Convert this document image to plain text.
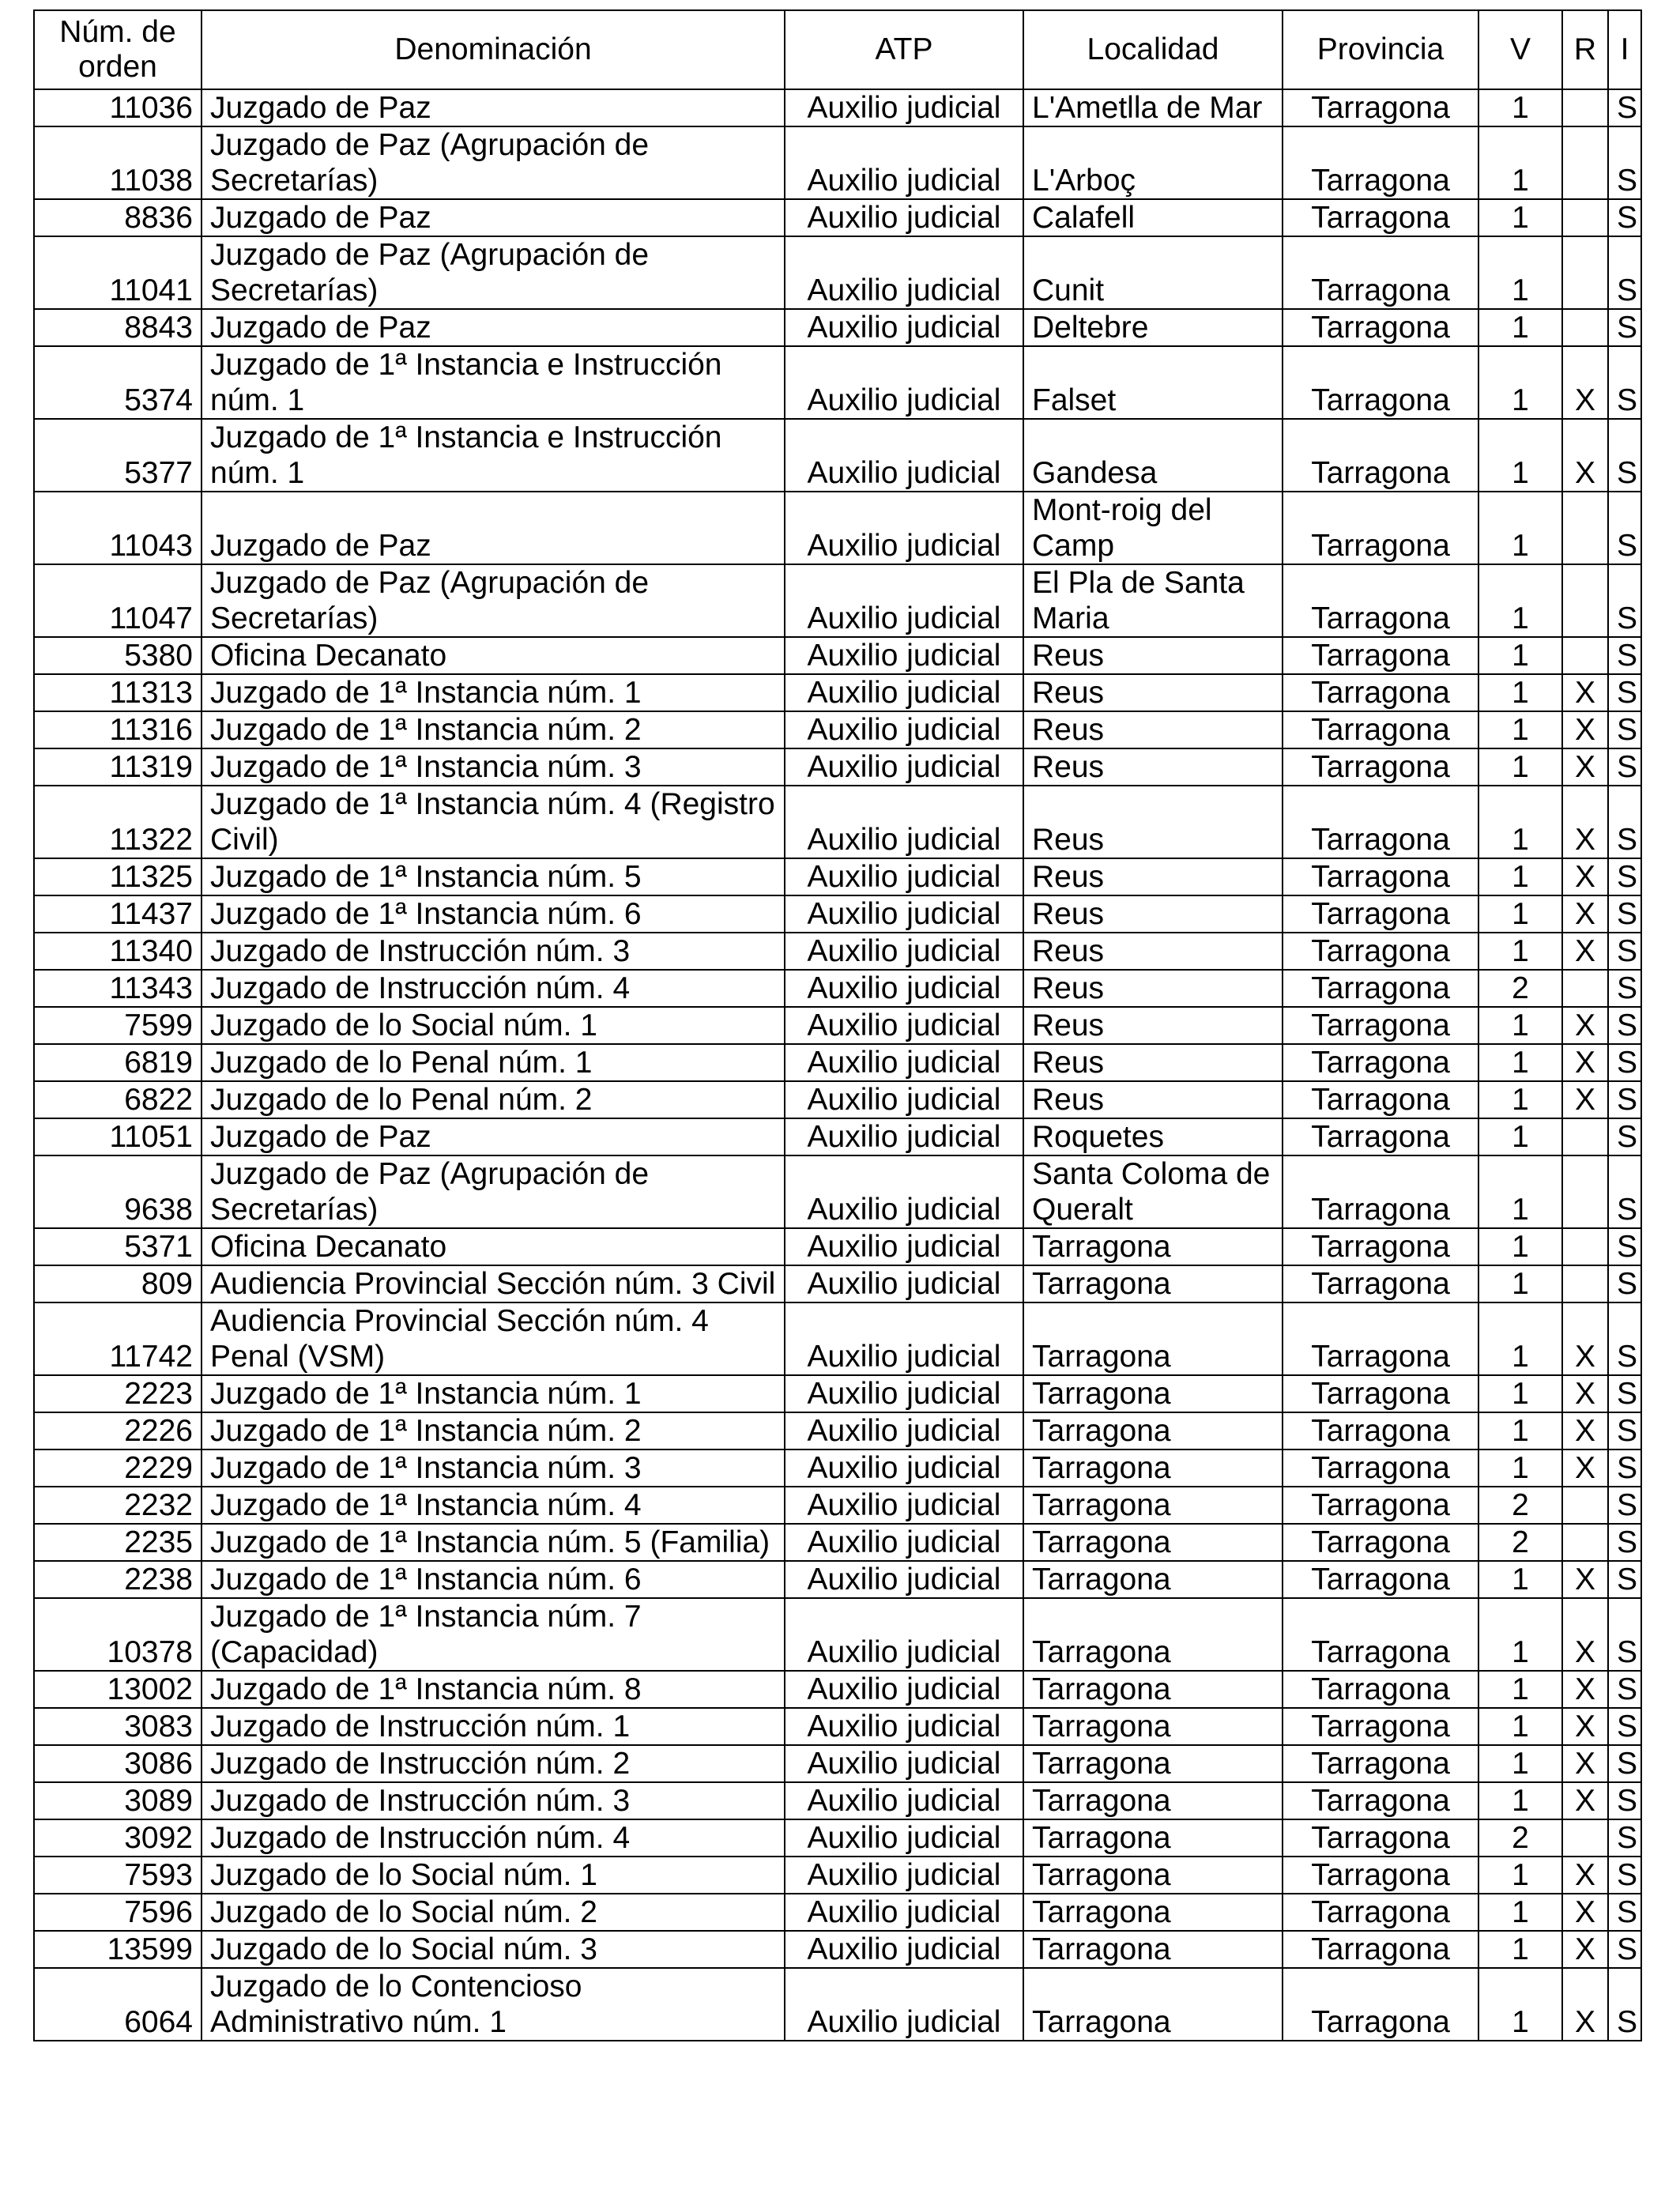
Núm. de orden	Denominación	ATP	Localidad	Provincia	V	R	I
11036	Juzgado de Paz	Auxilio judicial	L'Ametlla de Mar	Tarragona	1		S
11038	Juzgado de Paz (Agrupación de Secretarías)	Auxilio judicial	L'Arboç	Tarragona	1		S
8836	Juzgado de Paz	Auxilio judicial	Calafell	Tarragona	1		S
11041	Juzgado de Paz (Agrupación de Secretarías)	Auxilio judicial	Cunit	Tarragona	1		S
8843	Juzgado de Paz	Auxilio judicial	Deltebre	Tarragona	1		S
5374	Juzgado de 1ª Instancia e Instrucción núm. 1	Auxilio judicial	Falset	Tarragona	1	X	S
5377	Juzgado de 1ª Instancia e Instrucción núm. 1	Auxilio judicial	Gandesa	Tarragona	1	X	S
11043	Juzgado de Paz	Auxilio judicial	Mont-roig del Camp	Tarragona	1		S
11047	Juzgado de Paz (Agrupación de Secretarías)	Auxilio judicial	El Pla de Santa Maria	Tarragona	1		S
5380	Oficina Decanato	Auxilio judicial	Reus	Tarragona	1		S
11313	Juzgado de 1ª Instancia núm. 1	Auxilio judicial	Reus	Tarragona	1	X	S
11316	Juzgado de 1ª Instancia núm. 2	Auxilio judicial	Reus	Tarragona	1	X	S
11319	Juzgado de 1ª Instancia núm. 3	Auxilio judicial	Reus	Tarragona	1	X	S
11322	Juzgado de 1ª Instancia núm. 4 (Registro Civil)	Auxilio judicial	Reus	Tarragona	1	X	S
11325	Juzgado de 1ª Instancia núm. 5	Auxilio judicial	Reus	Tarragona	1	X	S
11437	Juzgado de 1ª Instancia núm. 6	Auxilio judicial	Reus	Tarragona	1	X	S
11340	Juzgado de Instrucción núm. 3	Auxilio judicial	Reus	Tarragona	1	X	S
11343	Juzgado de Instrucción núm. 4	Auxilio judicial	Reus	Tarragona	2		S
7599	Juzgado de lo Social núm. 1	Auxilio judicial	Reus	Tarragona	1	X	S
6819	Juzgado de lo Penal núm. 1	Auxilio judicial	Reus	Tarragona	1	X	S
6822	Juzgado de lo Penal núm. 2	Auxilio judicial	Reus	Tarragona	1	X	S
11051	Juzgado de Paz	Auxilio judicial	Roquetes	Tarragona	1		S
9638	Juzgado de Paz (Agrupación de Secretarías)	Auxilio judicial	Santa Coloma de Queralt	Tarragona	1		S
5371	Oficina Decanato	Auxilio judicial	Tarragona	Tarragona	1		S
809	Audiencia Provincial Sección núm. 3 Civil	Auxilio judicial	Tarragona	Tarragona	1		S
11742	Audiencia Provincial Sección núm. 4 Penal (VSM)	Auxilio judicial	Tarragona	Tarragona	1	X	S
2223	Juzgado de 1ª Instancia núm. 1	Auxilio judicial	Tarragona	Tarragona	1	X	S
2226	Juzgado de 1ª Instancia núm. 2	Auxilio judicial	Tarragona	Tarragona	1	X	S
2229	Juzgado de 1ª Instancia núm. 3	Auxilio judicial	Tarragona	Tarragona	1	X	S
2232	Juzgado de 1ª Instancia núm. 4	Auxilio judicial	Tarragona	Tarragona	2		S
2235	Juzgado de 1ª Instancia núm. 5 (Familia)	Auxilio judicial	Tarragona	Tarragona	2		S
2238	Juzgado de 1ª Instancia núm. 6	Auxilio judicial	Tarragona	Tarragona	1	X	S
10378	Juzgado de 1ª Instancia núm. 7 (Capacidad)	Auxilio judicial	Tarragona	Tarragona	1	X	S
13002	Juzgado de 1ª Instancia núm. 8	Auxilio judicial	Tarragona	Tarragona	1	X	S
3083	Juzgado de Instrucción núm. 1	Auxilio judicial	Tarragona	Tarragona	1	X	S
3086	Juzgado de Instrucción núm. 2	Auxilio judicial	Tarragona	Tarragona	1	X	S
3089	Juzgado de Instrucción núm. 3	Auxilio judicial	Tarragona	Tarragona	1	X	S
3092	Juzgado de Instrucción núm. 4	Auxilio judicial	Tarragona	Tarragona	2		S
7593	Juzgado de lo Social núm. 1	Auxilio judicial	Tarragona	Tarragona	1	X	S
7596	Juzgado de lo Social núm. 2	Auxilio judicial	Tarragona	Tarragona	1	X	S
13599	Juzgado de lo Social núm. 3	Auxilio judicial	Tarragona	Tarragona	1	X	S
6064	Juzgado de lo Contencioso Administrativo núm. 1	Auxilio judicial	Tarragona	Tarragona	1	X	S
